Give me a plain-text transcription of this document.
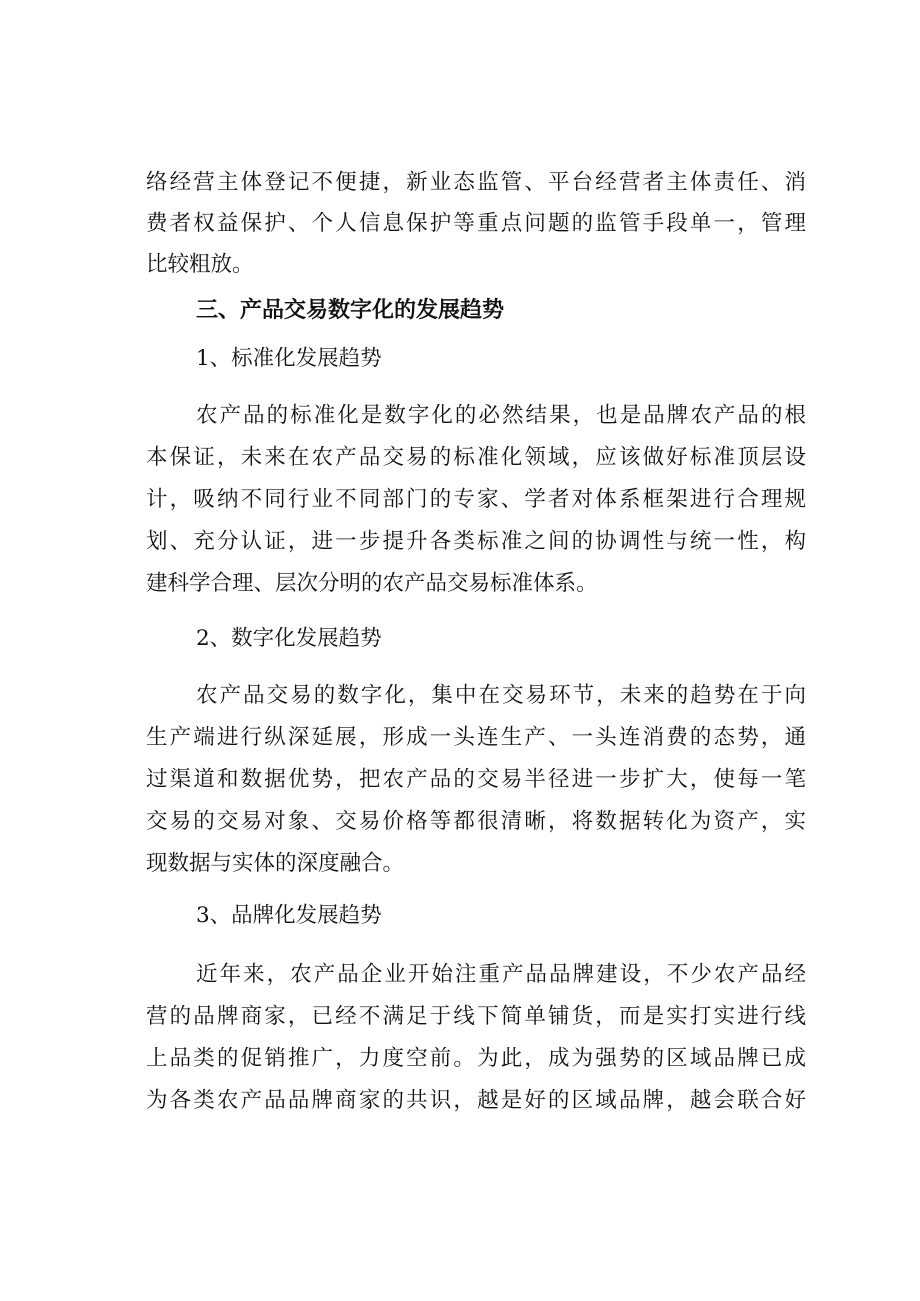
络经营主体登记不便捷，新业态监管、平台经营者主体责任、消
费者权益保护、个人信息保护等重点问题的监管手段单一，管理
比较粗放。
三、产品交易数字化的发展趋势
1、标准化发展趋势
农产品的标准化是数字化的必然结果，也是品牌农产品的根
本保证，未来在农产品交易的标准化领域，应该做好标准顶层设
计，吸纳不同行业不同部门的专家、学者对体系框架进行合理规
划、充分认证，进一步提升各类标准之间的协调性与统一性，构
建科学合理、层次分明的农产品交易标准体系。
2、数字化发展趋势
农产品交易的数字化，集中在交易环节，未来的趋势在于向
生产端进行纵深延展，形成一头连生产、一头连消费的态势，通
过渠道和数据优势，把农产品的交易半径进一步扩大，使每一笔
交易的交易对象、交易价格等都很清晰，将数据转化为资产，实
现数据与实体的深度融合。
3、品牌化发展趋势
近年来，农产品企业开始注重产品品牌建设，不少农产品经
营的品牌商家，已经不满足于线下简单铺货，而是实打实进行线
上品类的促销推广，力度空前。为此，成为强势的区域品牌已成
为各类农产品品牌商家的共识，越是好的区域品牌，越会联合好
